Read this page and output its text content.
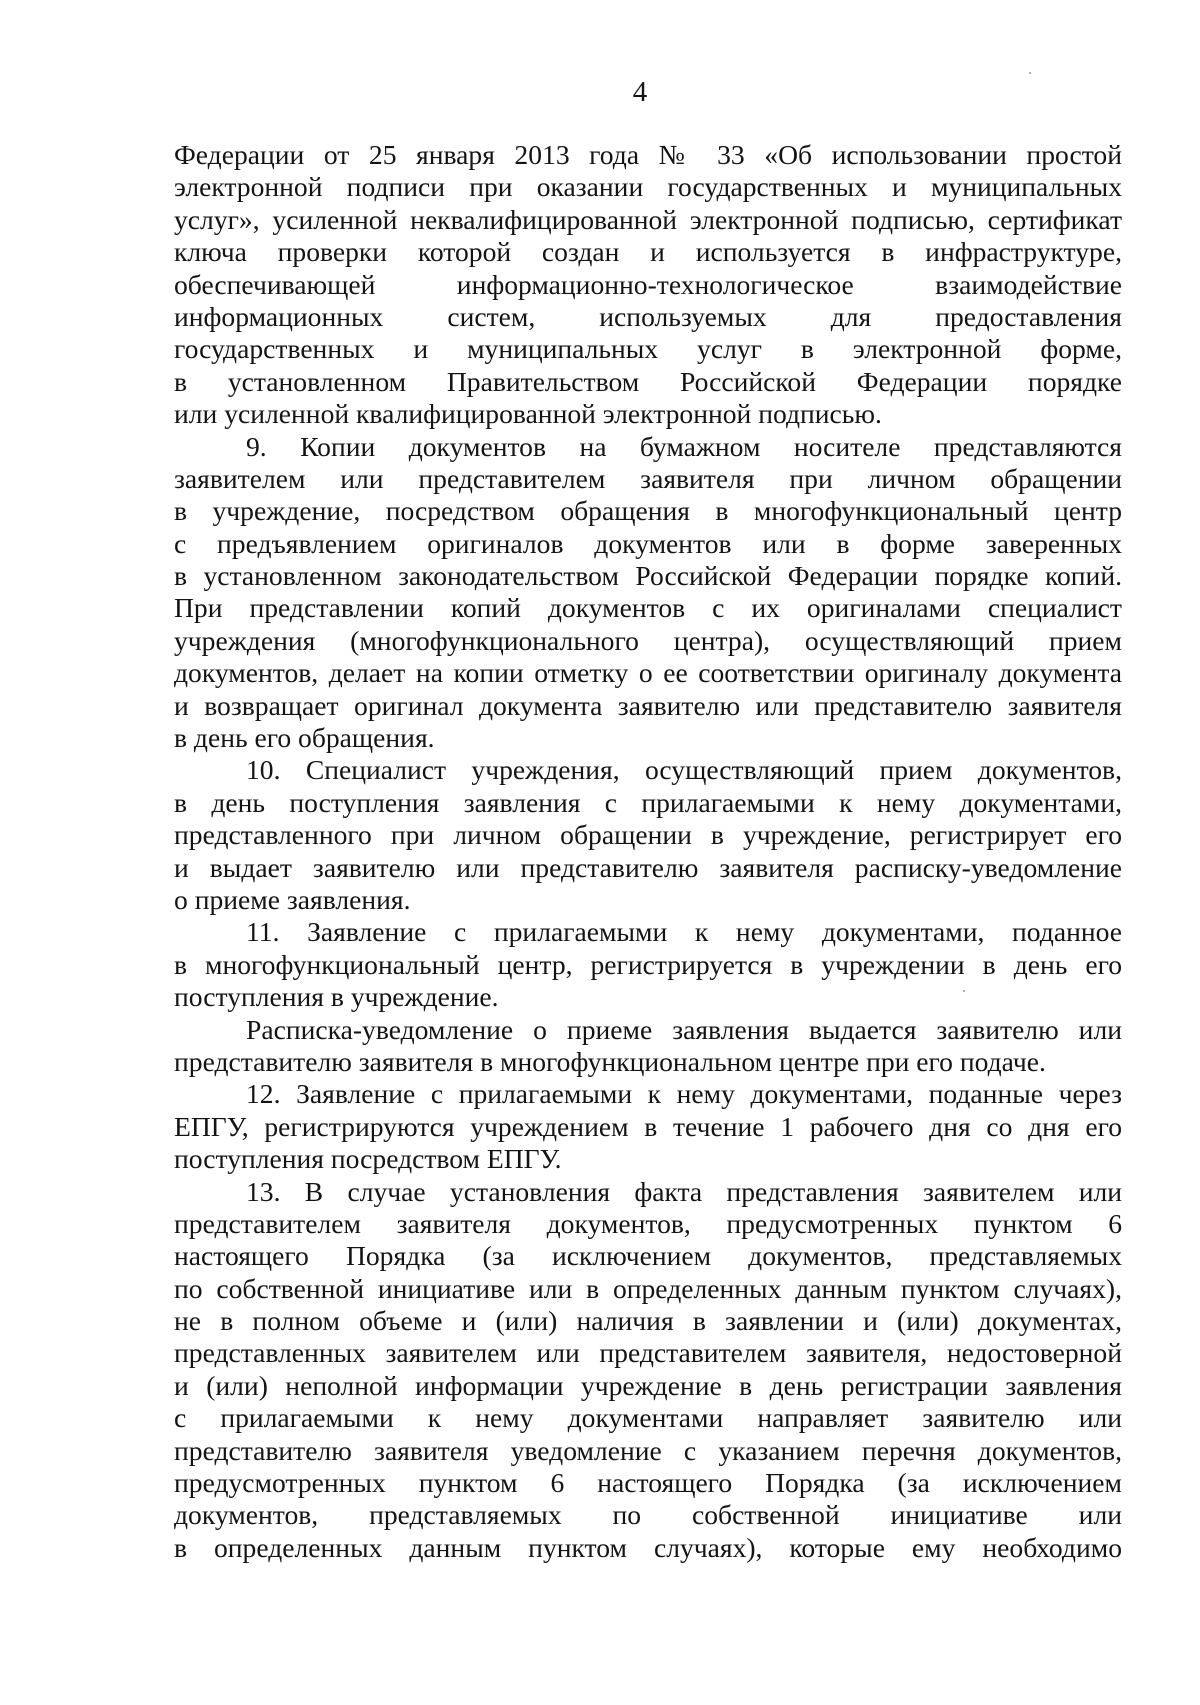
4
Федерации от 25 января 2013 года № 33 «Об использовании простой
электронной подписи при оказании государственных и муниципальных
услуг», усиленной неквалифицированной электронной подписью, сертификат
ключа проверки которой создан и используется в инфраструктуре,
обеспечивающей информационно-технологическое взаимодействие
информационных систем, используемых для предоставления
государственных и муниципальных услуг в электронной форме,
в установленном Правительством Российской Федерации порядке
или усиленной квалифицированной электронной подписью.
9. Копии документов на бумажном носителе представляются
заявителем или представителем заявителя при личном обращении
в учреждение, посредством обращения в многофункциональный центр
с предъявлением оригиналов документов или в форме заверенных
в установленном законодательством Российской Федерации порядке копий.
При представлении копий документов с их оригиналами специалист
учреждения (многофункционального центра), осуществляющий прием
документов, делает на копии отметку о ее соответствии оригиналу документа
и возвращает оригинал документа заявителю или представителю заявителя
в день его обращения.
10. Специалист учреждения, осуществляющий прием документов,
в день поступления заявления с прилагаемыми к нему документами,
представленного при личном обращении в учреждение, регистрирует его
и выдает заявителю или представителю заявителя расписку-уведомление
о приеме заявления.
11. Заявление с прилагаемыми к нему документами, поданное
в многофункциональный центр, регистрируется в учреждении в день его
поступления в учреждение.
Расписка-уведомление о приеме заявления выдается заявителю или
представителю заявителя в многофункциональном центре при его подаче.
12. Заявление с прилагаемыми к нему документами, поданные через
ЕПГУ, регистрируются учреждением в течение 1 рабочего дня со дня его
поступления посредством ЕПГУ.
13. В случае установления факта представления заявителем или
представителем заявителя документов, предусмотренных пунктом 6
настоящего Порядка (за исключением документов, представляемых
по собственной инициативе или в определенных данным пунктом случаях),
не в полном объеме и (или) наличия в заявлении и (или) документах,
представленных заявителем или представителем заявителя, недостоверной
и (или) неполной информации учреждение в день регистрации заявления
с прилагаемыми к нему документами направляет заявителю или
представителю заявителя уведомление с указанием перечня документов,
предусмотренных пунктом 6 настоящего Порядка (за исключением
документов, представляемых по собственной инициативе или
в определенных данным пунктом случаях), которые ему необходимо
